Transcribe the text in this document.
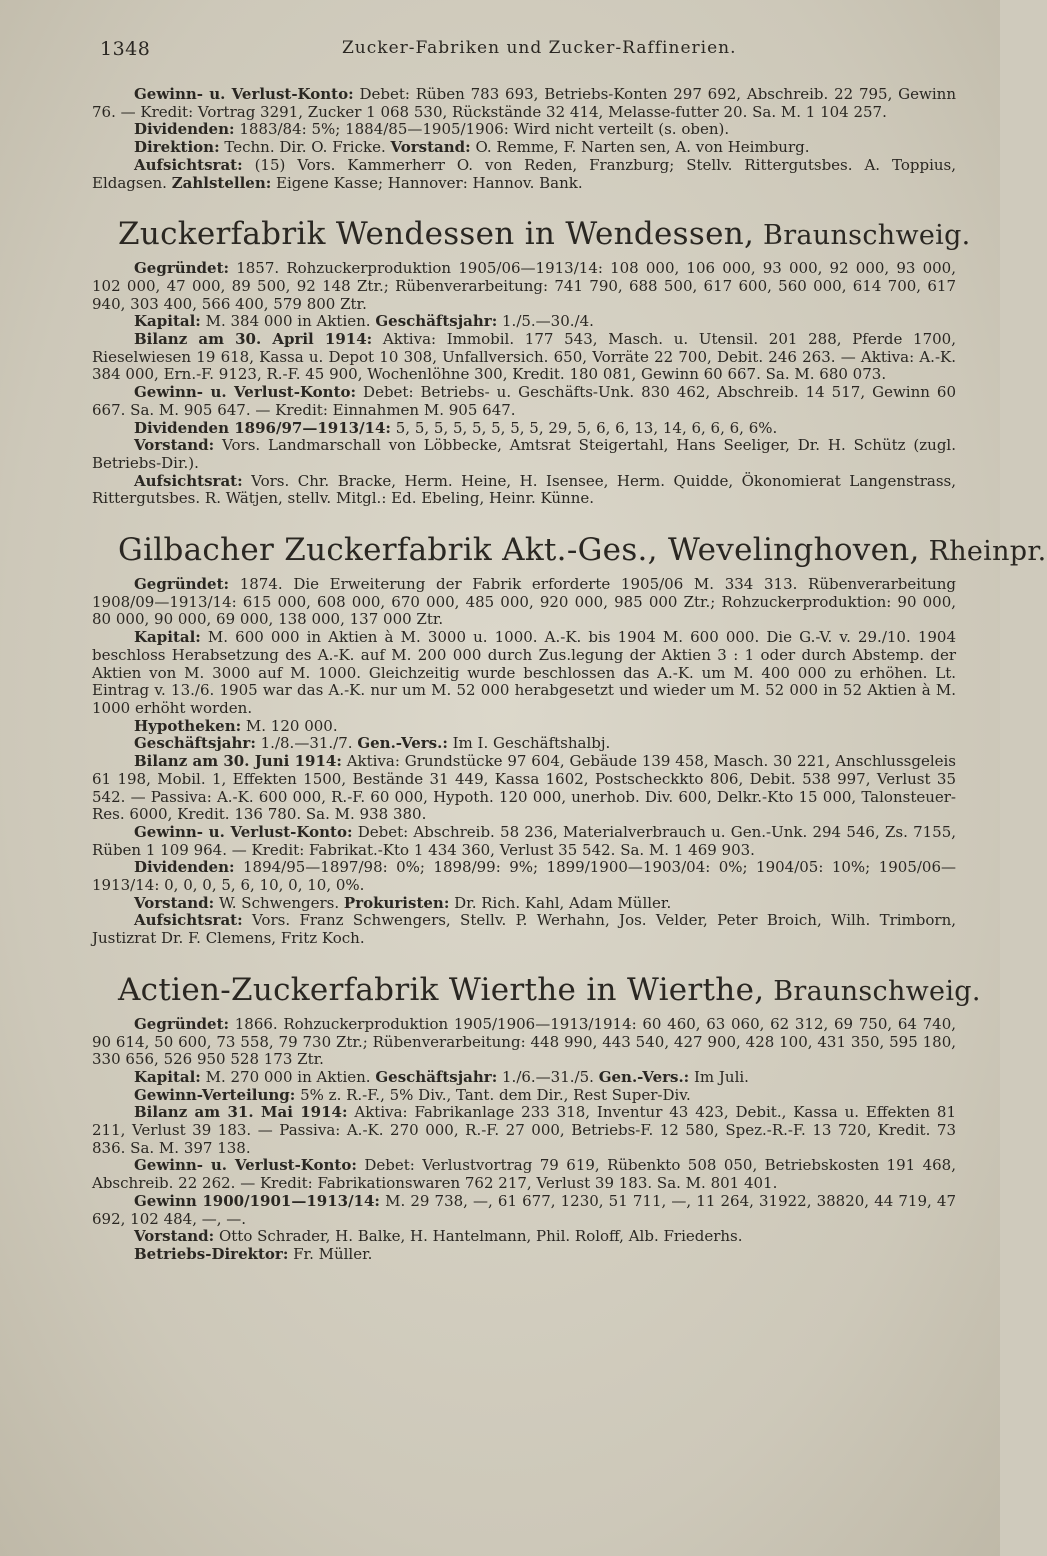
1348	Zucker-Fabriken und Zucker-Raffinerien.

Gewinn- u. Verlust-Konto: Debet: Rüben 783 693, Betriebs-Konten 297 692, Abschreib. 22 795, Gewinn 76. — Kredit: Vortrag 3291, Zucker 1 068 530, Rückstände 32 414, Melasse-futter 20. Sa. M. 1 104 257.

Dividenden: 1883/84: 5%; 1884/85—1905/1906: Wird nicht verteilt (s. oben).

Direktion: Techn. Dir. O. Fricke. Vorstand: O. Remme, F. Narten sen, A. von Heimburg.

Aufsichtsrat: (15) Vors. Kammerherr O. von Reden, Franzburg; Stellv. Rittergutsbes. A. Toppius, Eldagsen. Zahlstellen: Eigene Kasse; Hannover: Hannov. Bank.

Zuckerfabrik Wendessen in Wendessen, Braunschweig.

Gegründet: 1857. Rohzuckerproduktion 1905/06—1913/14: 108 000, 106 000, 93 000, 92 000, 93 000, 102 000, 47 000, 89 500, 92 148 Ztr.; Rübenverarbeitung: 741 790, 688 500, 617 600, 560 000, 614 700, 617 940, 303 400, 566 400, 579 800 Ztr.

Kapital: M. 384 000 in Aktien. Geschäftsjahr: 1./5.—30./4.

Bilanz am 30. April 1914: Aktiva: Immobil. 177 543, Masch. u. Utensil. 201 288, Pferde 1700, Rieselwiesen 19 618, Kassa u. Depot 10 308, Unfallversich. 650, Vorräte 22 700, Debit. 246 263. — Aktiva: A.-K. 384 000, Ern.-F. 9123, R.-F. 45 900, Wochenlöhne 300, Kredit. 180 081, Gewinn 60 667. Sa. M. 680 073.

Gewinn- u. Verlust-Konto: Debet: Betriebs- u. Geschäfts-Unk. 830 462, Abschreib. 14 517, Gewinn 60 667. Sa. M. 905 647. — Kredit: Einnahmen M. 905 647.

Dividenden 1896/97—1913/14: 5, 5, 5, 5, 5, 5, 5, 5, 29, 5, 6, 6, 13, 14, 6, 6, 6, 6%.

Vorstand: Vors. Landmarschall von Löbbecke, Amtsrat Steigertahl, Hans Seeliger, Dr. H. Schütz (zugl. Betriebs-Dir.).

Aufsichtsrat: Vors. Chr. Bracke, Herm. Heine, H. Isensee, Herm. Quidde, Ökonomierat Langenstrass, Rittergutsbes. R. Wätjen, stellv. Mitgl.: Ed. Ebeling, Heinr. Künne.

Gilbacher Zuckerfabrik Akt.-Ges., Wevelinghoven, Rheinpr.

Gegründet: 1874. Die Erweiterung der Fabrik erforderte 1905/06 M. 334 313. Rübenverarbeitung 1908/09—1913/14: 615 000, 608 000, 670 000, 485 000, 920 000, 985 000 Ztr.; Rohzuckerproduktion: 90 000, 80 000, 90 000, 69 000, 138 000, 137 000 Ztr.

Kapital: M. 600 000 in Aktien à M. 3000 u. 1000. A.-K. bis 1904 M. 600 000. Die G.-V. v. 29./10. 1904 beschloss Herabsetzung des A.-K. auf M. 200 000 durch Zus.legung der Aktien 3 : 1 oder durch Abstemp. der Aktien von M. 3000 auf M. 1000. Gleichzeitig wurde beschlossen das A.-K. um M. 400 000 zu erhöhen. Lt. Eintrag v. 13./6. 1905 war das A.-K. nur um M. 52 000 herabgesetzt und wieder um M. 52 000 in 52 Aktien à M. 1000 erhöht worden.

Hypotheken: M. 120 000.

Geschäftsjahr: 1./8.—31./7. Gen.-Vers.: Im I. Geschäftshalbj.

Bilanz am 30. Juni 1914: Aktiva: Grundstücke 97 604, Gebäude 139 458, Masch. 30 221, Anschlussgeleis 61 198, Mobil. 1, Effekten 1500, Bestände 31 449, Kassa 1602, Postscheckkto 806, Debit. 538 997, Verlust 35 542. — Passiva: A.-K. 600 000, R.-F. 60 000, Hypoth. 120 000, unerhob. Div. 600, Delkr.-Kto 15 000, Talonsteuer-Res. 6000, Kredit. 136 780. Sa. M. 938 380.

Gewinn- u. Verlust-Konto: Debet: Abschreib. 58 236, Materialverbrauch u. Gen.-Unk. 294 546, Zs. 7155, Rüben 1 109 964. — Kredit: Fabrikat.-Kto 1 434 360, Verlust 35 542. Sa. M. 1 469 903.

Dividenden: 1894/95—1897/98: 0%; 1898/99: 9%; 1899/1900—1903/04: 0%; 1904/05: 10%; 1905/06—1913/14: 0, 0, 0, 5, 6, 10, 0, 10, 0%.

Vorstand: W. Schwengers. Prokuristen: Dr. Rich. Kahl, Adam Müller.

Aufsichtsrat: Vors. Franz Schwengers, Stellv. P. Werhahn, Jos. Velder, Peter Broich, Wilh. Trimborn, Justizrat Dr. F. Clemens, Fritz Koch.

Actien-Zuckerfabrik Wierthe in Wierthe, Braunschweig.

Gegründet: 1866. Rohzuckerproduktion 1905/1906—1913/1914: 60 460, 63 060, 62 312, 69 750, 64 740, 90 614, 50 600, 73 558, 79 730 Ztr.; Rübenverarbeitung: 448 990, 443 540, 427 900, 428 100, 431 350, 595 180, 330 656, 526 950 528 173 Ztr.

Kapital: M. 270 000 in Aktien. Geschäftsjahr: 1./6.—31./5. Gen.-Vers.: Im Juli.

Gewinn-Verteilung: 5% z. R.-F., 5% Div., Tant. dem Dir., Rest Super-Div.

Bilanz am 31. Mai 1914: Aktiva: Fabrikanlage 233 318, Inventur 43 423, Debit., Kassa u. Effekten 81 211, Verlust 39 183. — Passiva: A.-K. 270 000, R.-F. 27 000, Betriebs-F. 12 580, Spez.-R.-F. 13 720, Kredit. 73 836. Sa. M. 397 138.

Gewinn- u. Verlust-Konto: Debet: Verlustvortrag 79 619, Rübenkto 508 050, Betriebskosten 191 468, Abschreib. 22 262. — Kredit: Fabrikationswaren 762 217, Verlust 39 183. Sa. M. 801 401.

Gewinn 1900/1901—1913/14: M. 29 738, —, 61 677, 1230, 51 711, —, 11 264, 31922, 38820, 44 719, 47 692, 102 484, —, —.

Vorstand: Otto Schrader, H. Balke, H. Hantelmann, Phil. Roloff, Alb. Friederhs.

Betriebs-Direktor: Fr. Müller.
